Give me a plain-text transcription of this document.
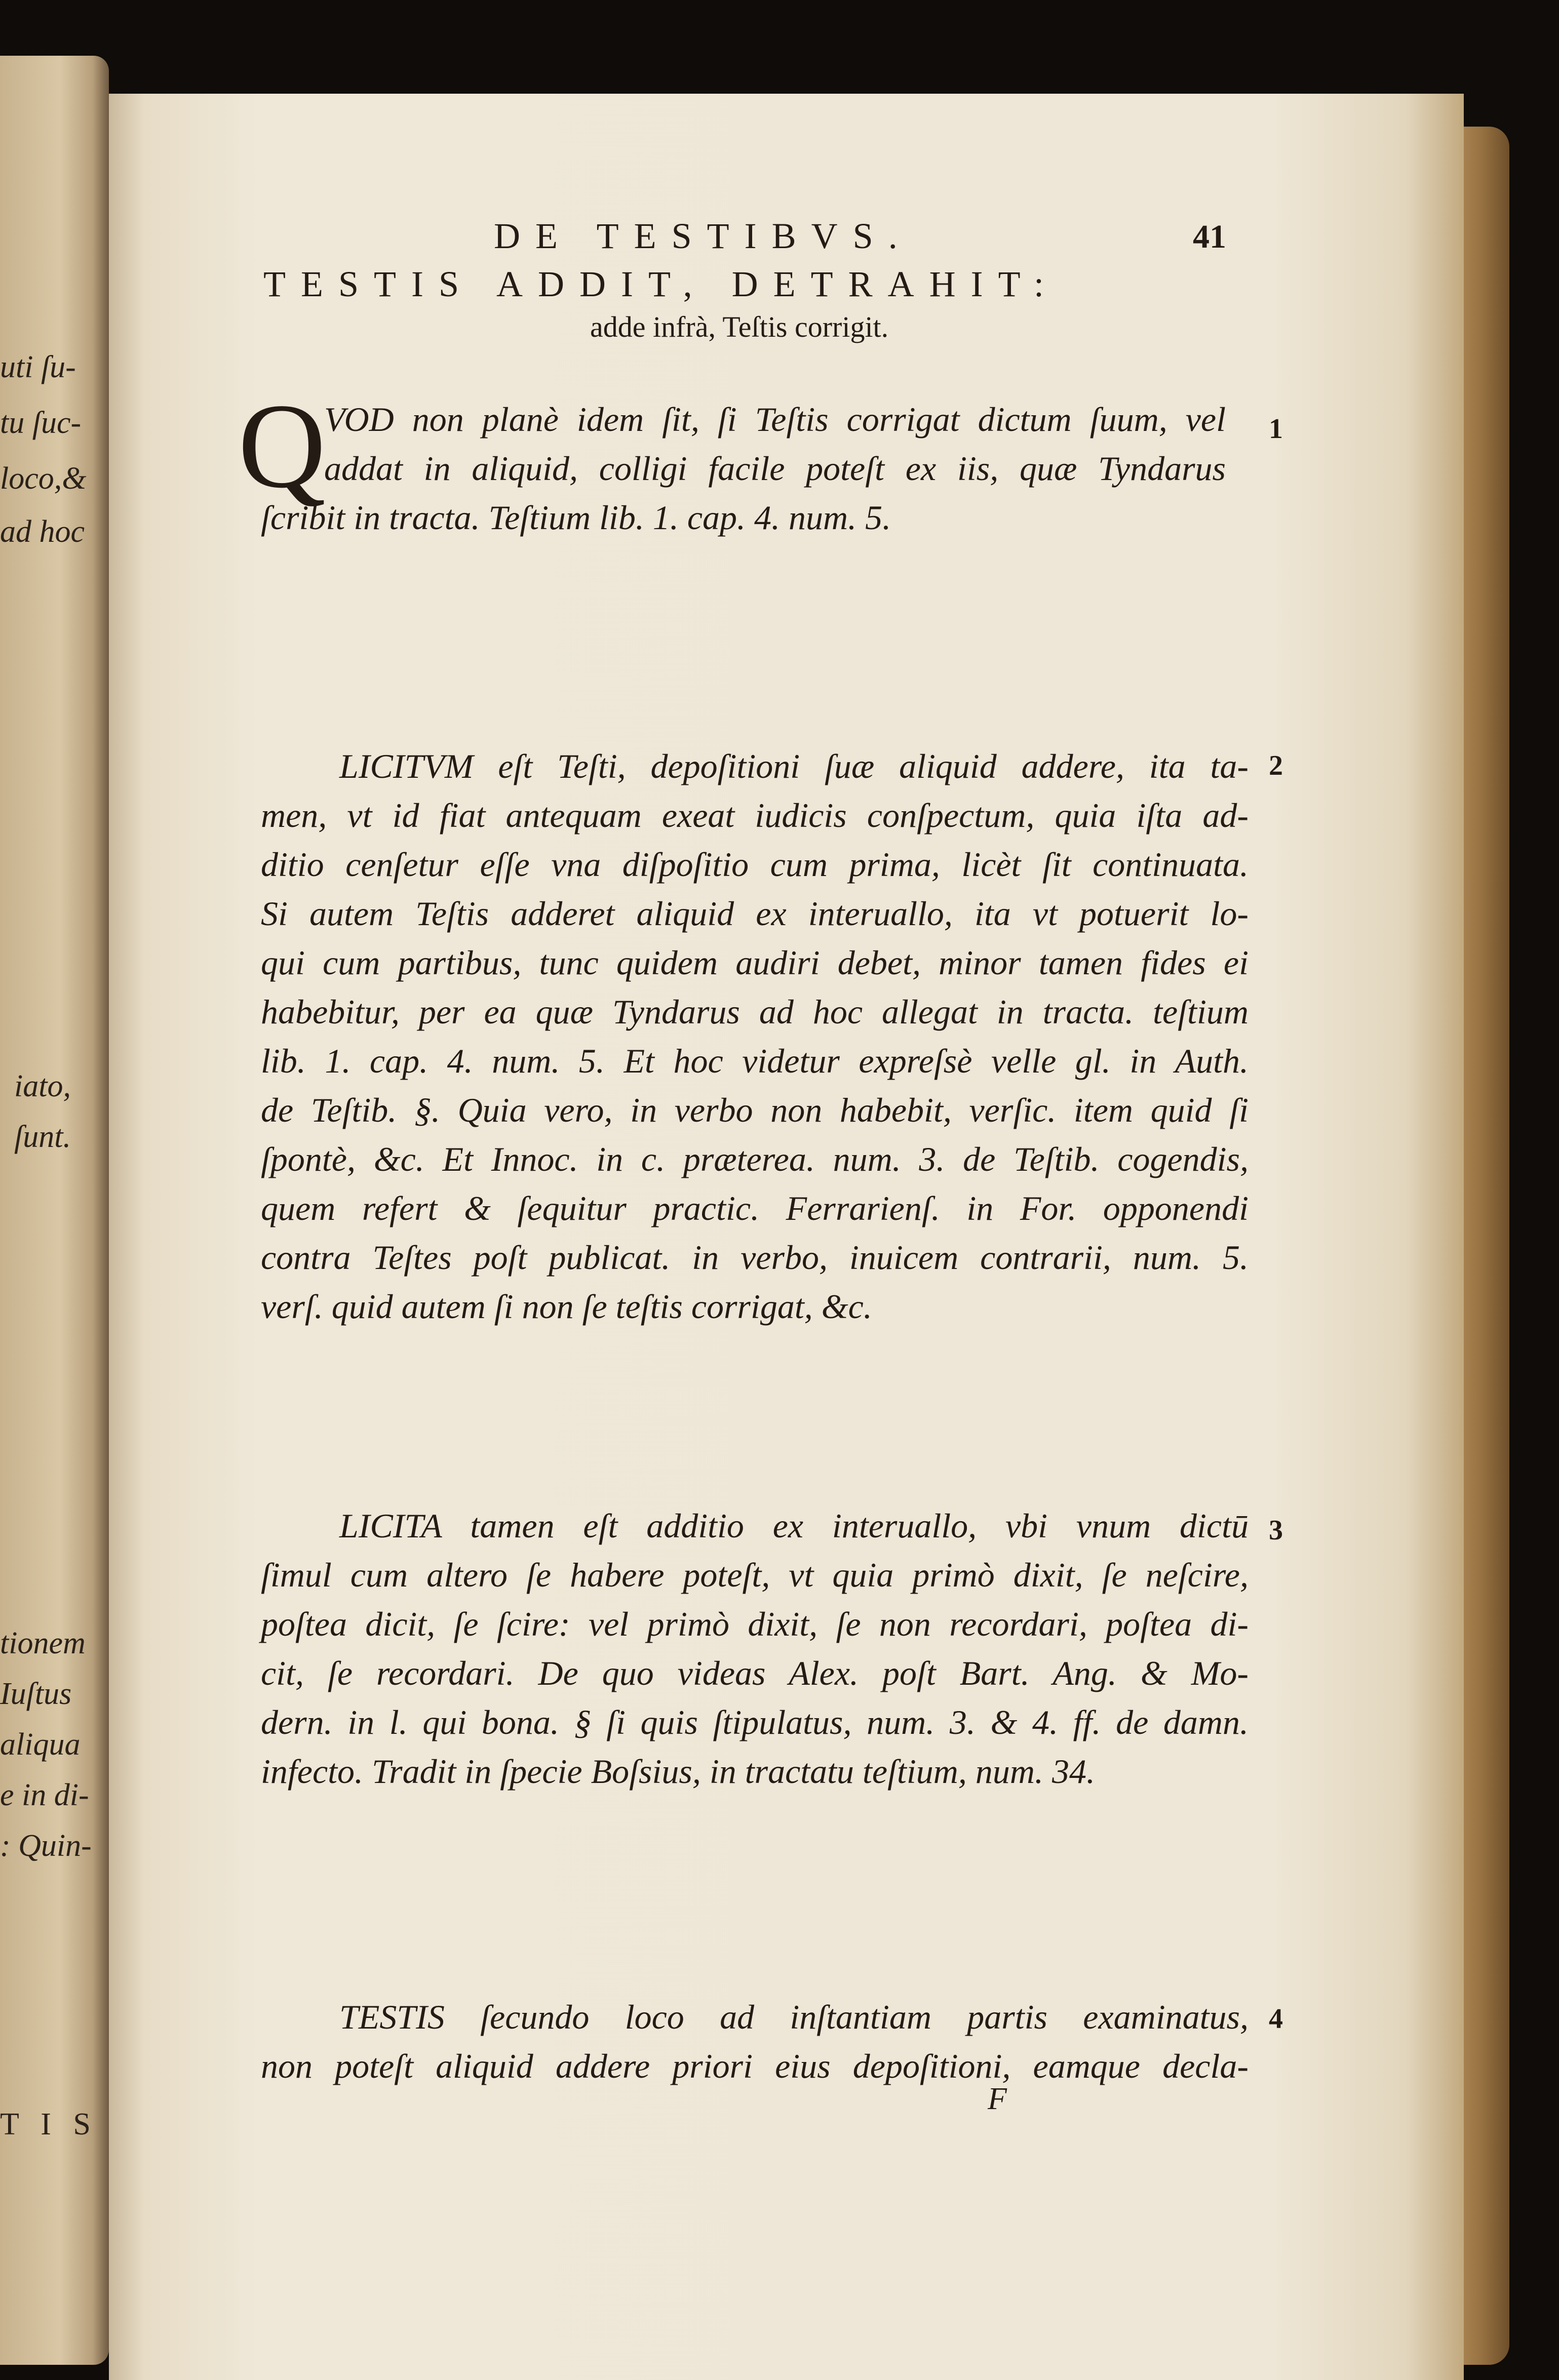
uti ſu-
tu ſuc-
loco,&
ad hoc
iato,
ſunt.
tionem
Iuſtus
aliqua
e in di-
: Quin-
T I S
DE TESTIBVS.	41
TESTIS ADDIT, DETRAHIT:
adde infrà, Teſtis corrigit.
Q	1
VOD non planè idem ſit, ſi Teſtis corrigat dictum ſuum, vel
addat in aliquid, colligi facile poteſt ex iis, quæ Tyndarus
ſcribit in tracta. Teſtium lib. 1. cap. 4. num. 5.
2
LICITVM eſt Teſti, depoſitioni ſuæ aliquid addere, ita ta-
men, vt id fiat antequam exeat iudicis conſpectum, quia iſta ad-
ditio cenſetur eſſe vna diſpoſitio cum prima, licèt ſit continuata.
Si autem Teſtis adderet aliquid ex interuallo, ita vt potuerit lo-
qui cum partibus, tunc quidem audiri debet, minor tamen fides ei
habebitur, per ea quæ Tyndarus ad hoc allegat in tracta. teſtium
lib. 1. cap. 4. num. 5. Et hoc videtur expreſsè velle gl. in Auth.
de Teſtib. §. Quia vero, in verbo non habebit, verſic. item quid ſi
ſpontè, &c. Et Innoc. in c. præterea. num. 3. de Teſtib. cogendis,
quem refert & ſequitur practic. Ferrarienſ. in For. opponendi
contra Teſtes poſt publicat. in verbo, inuicem contrarii, num. 5.
verſ. quid autem ſi non ſe teſtis corrigat, &c.
3
LICITA tamen eſt additio ex interuallo, vbi vnum dictū
ſimul cum altero ſe habere poteſt, vt quia primò dixit, ſe neſcire,
poſtea dicit, ſe ſcire: vel primò dixit, ſe non recordari, poſtea di-
cit, ſe recordari. De quo videas Alex. poſt Bart. Ang. & Mo-
dern. in l. qui bona. § ſi quis ſtipulatus, num. 3. & 4. ff. de damn.
infecto. Tradit in ſpecie Boſsius, in tractatu teſtium, num. 34.
4
TESTIS ſecundo loco ad inſtantiam partis examinatus,
non poteſt aliquid addere priori eius depoſitioni, eamque decla-
F
